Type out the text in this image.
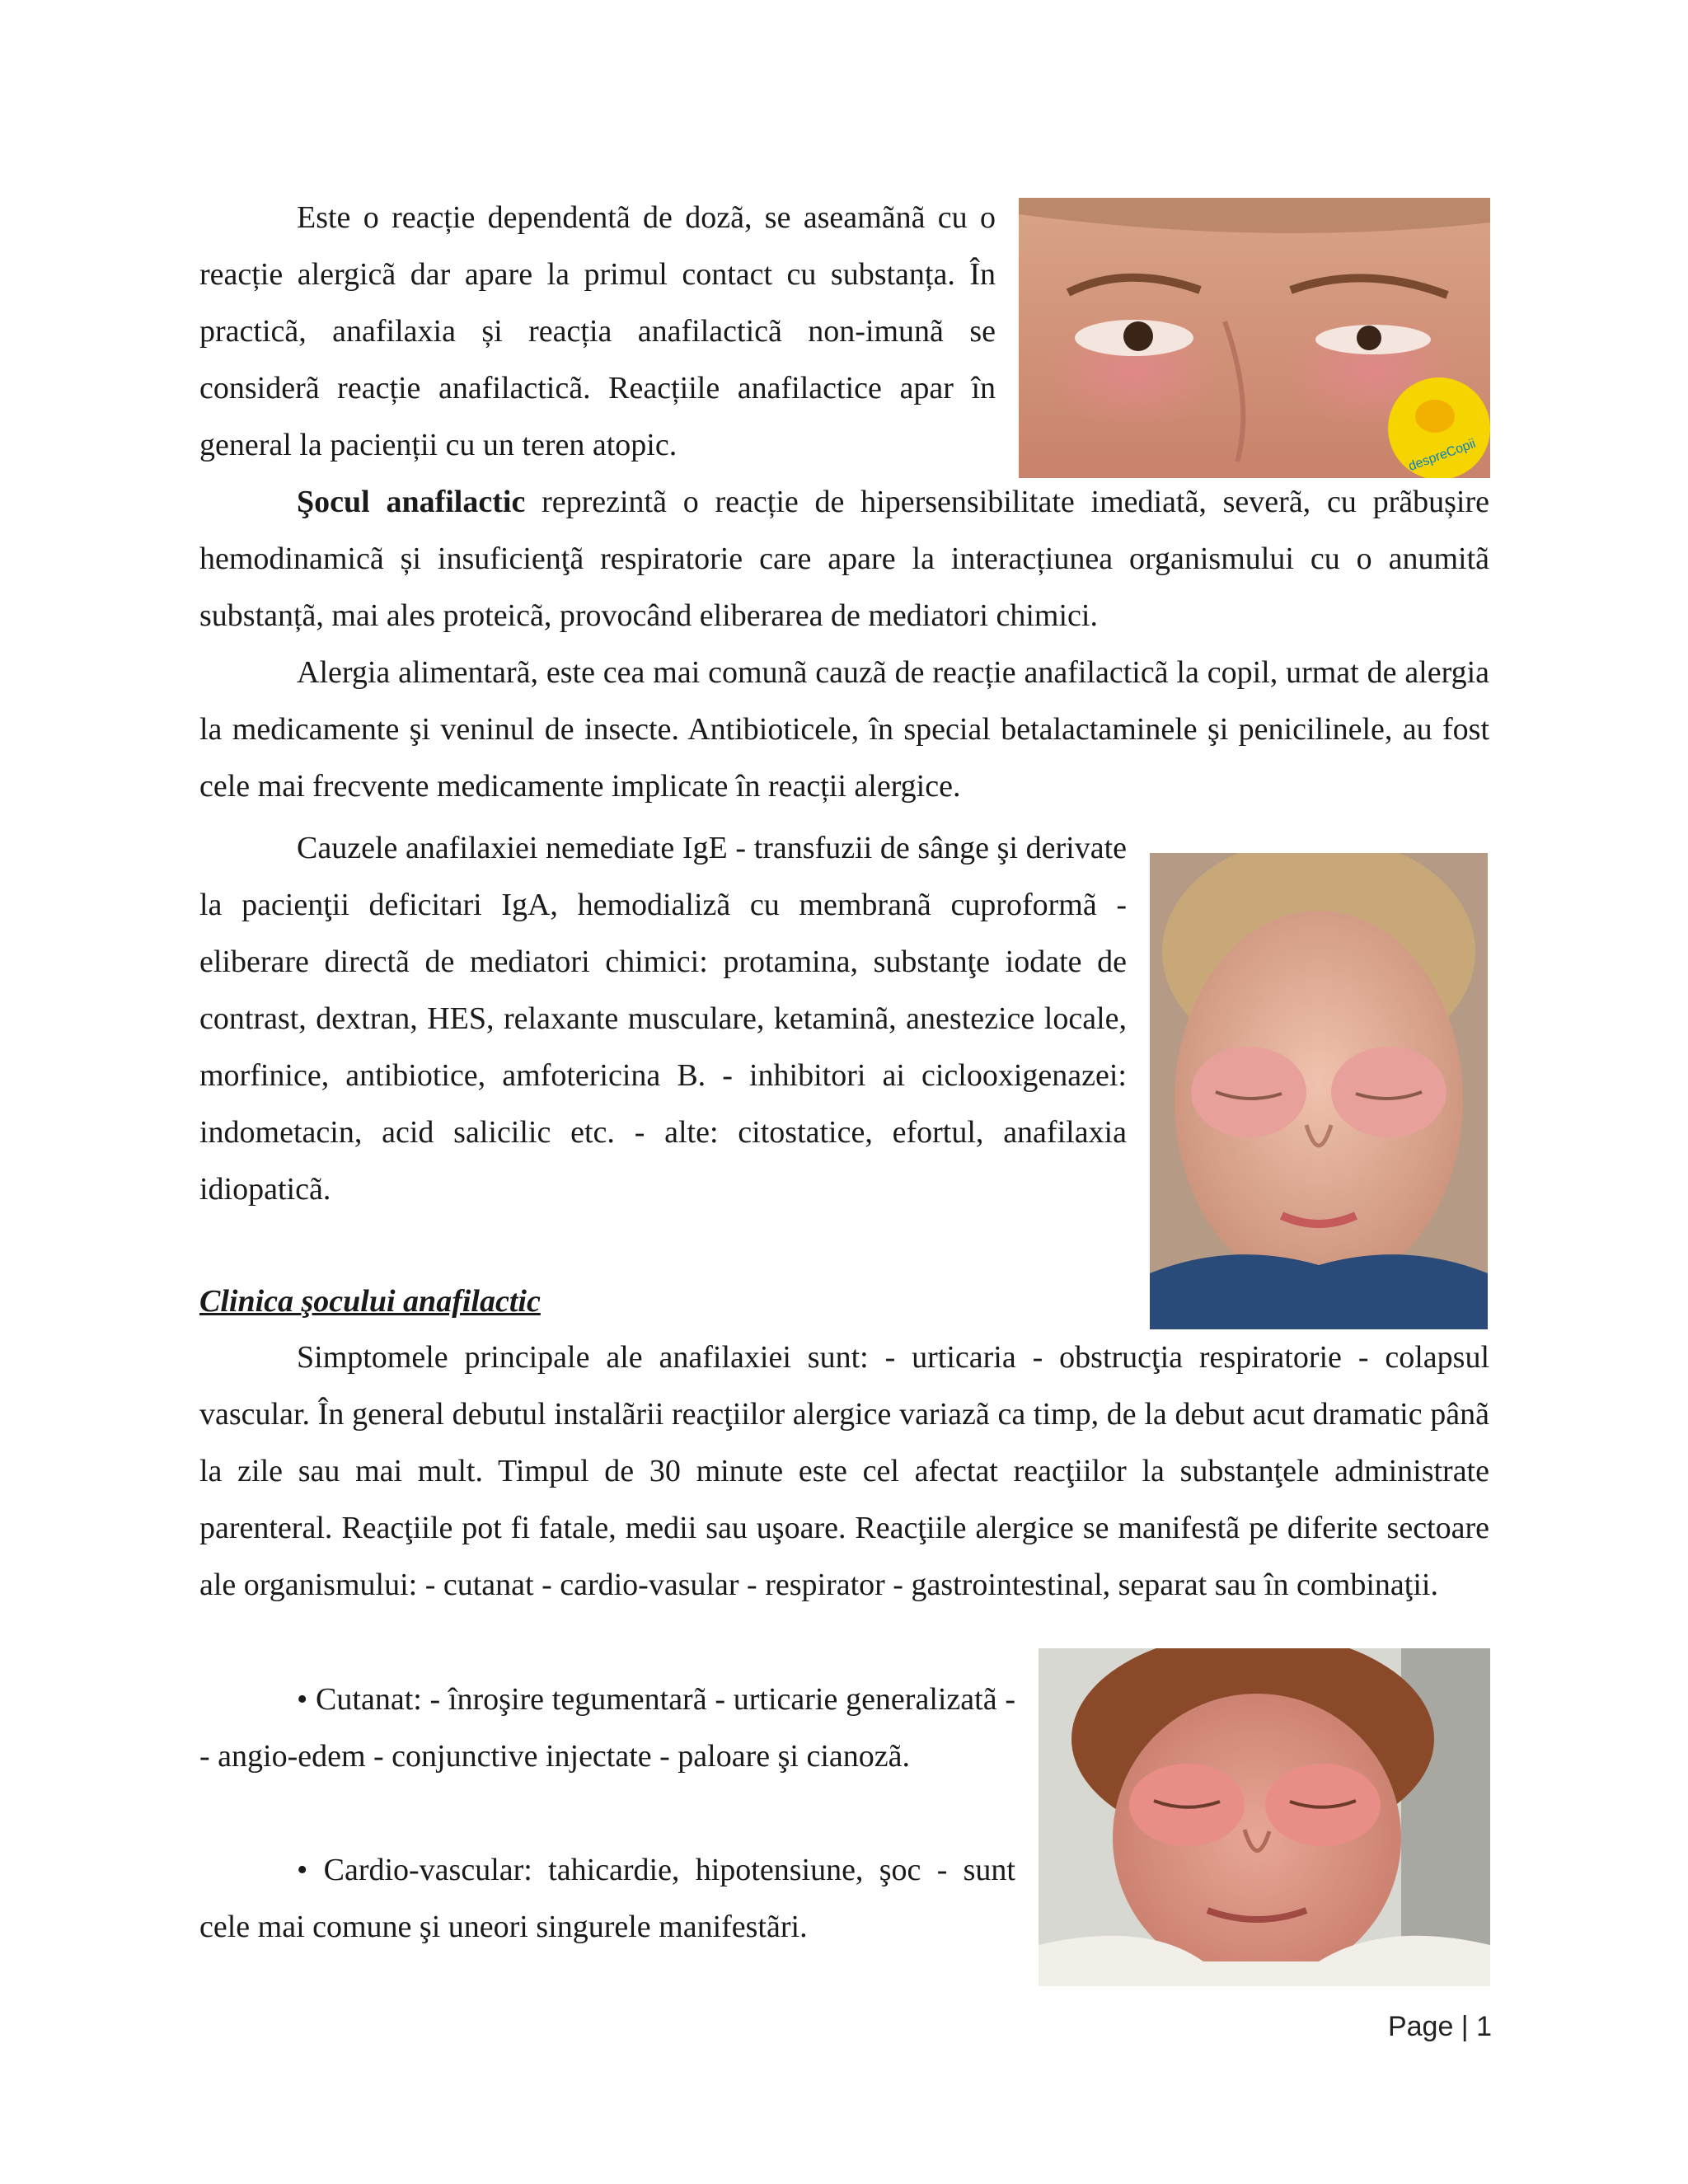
despreCopii

Este o reacție dependentã de dozã, se aseamãnã cu o reacție alergicã dar apare la primul contact cu substanța. În practicã, anafilaxia și reacția anafilacticã non-imunã se considerã reacție anafilacticã. Reacțiile anafilactice apar în general la pacienții cu un teren atopic.

Şocul anafilactic reprezintã o reacție de hipersensibilitate imediatã, severã, cu prãbușire hemodinamicã și insuficienţã respiratorie care apare la interacțiunea organismului cu o anumitã substanțã, mai ales proteicã, provocând eliberarea de mediatori chimici.

Alergia alimentarã, este cea mai comunã cauzã de reacție anafilacticã la copil, urmat de alergia la medicamente şi veninul de insecte. Antibioticele, în special betalactaminele şi penicilinele, au fost cele mai frecvente medicamente implicate în reacții alergice.

Cauzele anafilaxiei nemediate IgE - transfuzii de sânge şi derivate la pacienţii deficitari IgA, hemodializã cu membranã cuproformã - eliberare directã de mediatori chimici: protamina, substanţe iodate de contrast, dextran, HES, relaxante musculare, ketaminã, anestezice locale, morfinice, antibiotice, amfotericina B. - inhibitori ai ciclooxigenazei: indometacin, acid salicilic etc. - alte: citostatice, efortul, anafilaxia idiopaticã.

Clinica şocului anafilactic

Simptomele principale ale anafilaxiei sunt: - urticaria - obstrucţia respiratorie - colapsul vascular. În general debutul instalãrii reacţiilor alergice variazã ca timp, de la debut acut dramatic pânã la zile sau mai mult. Timpul de 30 minute este cel afectat reacţiilor la substanţele administrate parenteral. Reacţiile pot fi fatale, medii sau uşoare. Reacţiile alergice se manifestã pe diferite sectoare ale organismului: - cutanat - cardio-vasular - respirator - gastrointestinal, separat sau în combinaţii.

• Cutanat: - înroşire tegumentarã - urticarie generalizatã - - angio-edem - conjunctive injectate - paloare şi cianozã.

• Cardio-vascular: tahicardie, hipotensiune, şoc - sunt cele mai comune şi uneori singurele manifestãri.

Page | 1
